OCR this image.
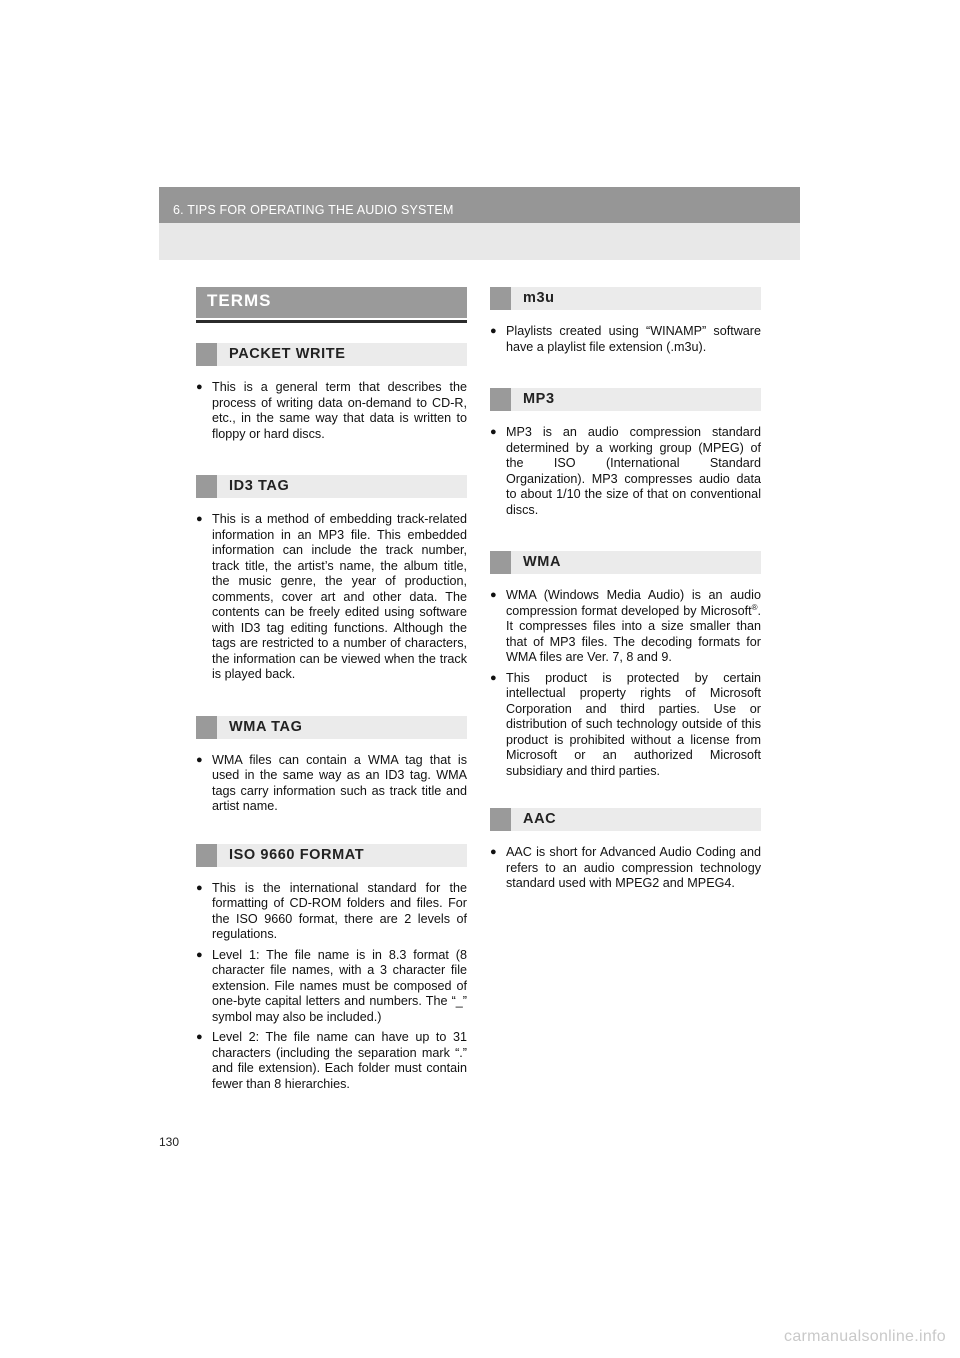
6. TIPS FOR OPERATING THE AUDIO SYSTEM
TERMS
PACKET WRITE
● This is a general term that describes the process of writing data on-demand to CD-R, etc., in the same way that data is written to floppy or hard discs.
ID3 TAG
● This is a method of embedding track-related information in an MP3 file. This embedded information can include the track number, track title, the artist’s name, the album title, the music genre, the year of production, comments, cover art and other data. The contents can be freely edited using software with ID3 tag editing functions. Although the tags are restricted to a number of characters, the information can be viewed when the track is played back.
WMA TAG
● WMA files can contain a WMA tag that is used in the same way as an ID3 tag. WMA tags carry information such as track title and artist name.
ISO 9660 FORMAT
● This is the international standard for the formatting of CD-ROM folders and files. For the ISO 9660 format, there are 2 levels of regulations.
● Level 1: The file name is in 8.3 format (8 character file names, with a 3 character file extension. File names must be composed of one-byte capital letters and numbers. The “_” symbol may also be included.)
● Level 2: The file name can have up to 31 characters (including the separation mark “.” and file extension). Each folder must contain fewer than 8 hierarchies.
m3u
● Playlists created using “WINAMP” software have a playlist file extension (.m3u).
MP3
● MP3 is an audio compression standard determined by a working group (MPEG) of the ISO (International Standard Organization). MP3 compresses audio data to about 1/10 the size of that on conventional discs.
WMA
● WMA (Windows Media Audio) is an audio compression format developed by Microsoft®. It compresses files into a size smaller than that of MP3 files. The decoding formats for WMA files are Ver. 7, 8 and 9.
● This product is protected by certain intellectual property rights of Microsoft Corporation and third parties. Use or distribution of such technology outside of this product is prohibited without a license from Microsoft or an authorized Microsoft subsidiary and third parties.
AAC
● AAC is short for Advanced Audio Coding and refers to an audio compression technology standard used with MPEG2 and MPEG4.
130
carmanualsonline.info
